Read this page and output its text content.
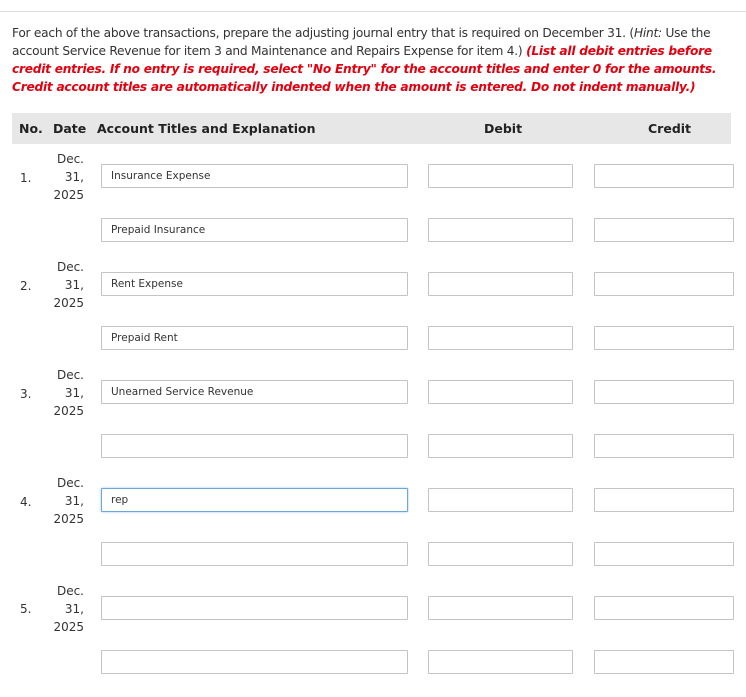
For each of the above transactions, prepare the adjusting journal entry that is required on December 31. (Hint: Use the account Service Revenue for item 3 and Maintenance and Repairs Expense for item 4.) (List all debit entries before credit entries. If no entry is required, select "No Entry" for the account titles and enter 0 for the amounts. Credit account titles are automatically indented when the amount is entered. Do not indent manually.)
No. Date Account Titles and Explanation	Debit	Credit
1.
Dec.
31,
2025
Insurance Expense
Prepaid Insurance
2.
Dec.
31,
2025
Rent Expense
Prepaid Rent
3.
Dec.
31,
2025
Unearned Service Revenue
4.
Dec.
31,
2025
rep
5.
Dec.
31,
2025
